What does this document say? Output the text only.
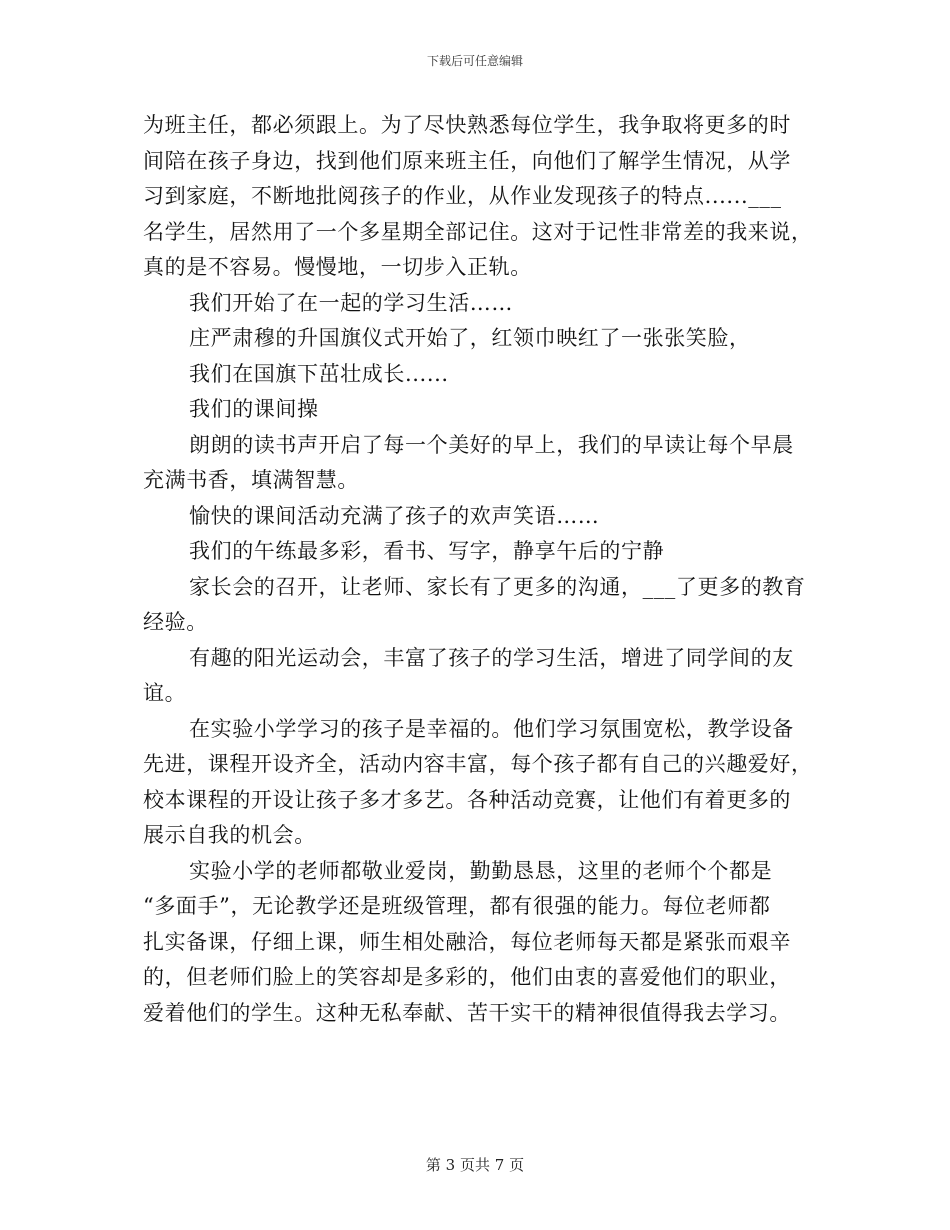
下载后可任意编辑
为班主任，都必须跟上。为了尽快熟悉每位学生，我争取将更多的时
间陪在孩子身边，找到他们原来班主任，向他们了解学生情况，从学
习到家庭，不断地批阅孩子的作业，从作业发现孩子的特点......___
名学生，居然用了一个多星期全部记住。这对于记性非常差的我来说，
真的是不容易。慢慢地，一切步入正轨。
我们开始了在一起的学习生活……
庄严肃穆的升国旗仪式开始了，红领巾映红了一张张笑脸，
我们在国旗下茁壮成长......
我们的课间操
朗朗的读书声开启了每一个美好的早上，我们的早读让每个早晨
充满书香，填满智慧。
愉快的课间活动充满了孩子的欢声笑语……
我们的午练最多彩，看书、写字，静享午后的宁静
家长会的召开，让老师、家长有了更多的沟通，___了更多的教育
经验。
有趣的阳光运动会，丰富了孩子的学习生活，增进了同学间的友
谊。
在实验小学学习的孩子是幸福的。他们学习氛围宽松，教学设备
先进，课程开设齐全，活动内容丰富，每个孩子都有自己的兴趣爱好，
校本课程的开设让孩子多才多艺。各种活动竞赛，让他们有着更多的
展示自我的机会。
实验小学的老师都敬业爱岗，勤勤恳恳，这里的老师个个都是
“多面手”，无论教学还是班级管理，都有很强的能力。每位老师都
扎实备课，仔细上课，师生相处融洽，每位老师每天都是紧张而艰辛
的，但老师们脸上的笑容却是多彩的，他们由衷的喜爱他们的职业，
爱着他们的学生。这种无私奉献、苦干实干的精神很值得我去学习。
第 3 页共 7 页
